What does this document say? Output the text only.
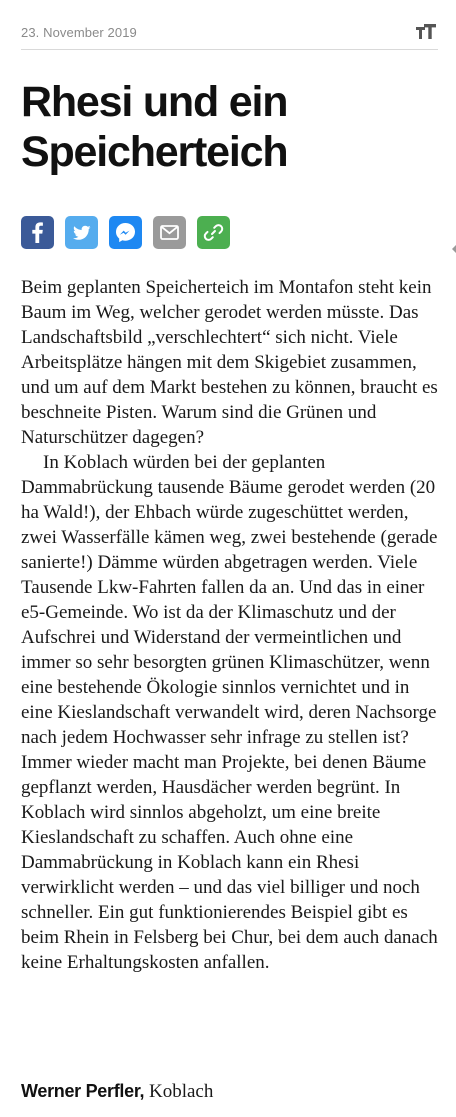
23. November 2019
Rhesi und ein Speicherteich

Beim geplanten Speicherteich im Montafon steht kein Baum im Weg, welcher gerodet werden müsste. Das Landschaftsbild „verschlechtert“ sich nicht. Viele Arbeitsplätze hängen mit dem Skigebiet zusammen, und um auf dem Markt bestehen zu können, braucht es beschneite Pisten. Warum sind die Grünen und Naturschützer dagegen?

In Koblach würden bei der geplanten Dammabrückung tausende Bäume gerodet werden (20 ha Wald!), der Ehbach würde zugeschüttet werden, zwei Wasserfälle kämen weg, zwei bestehende (gerade sanierte!) Dämme würden abgetragen werden. Viele Tausende Lkw-Fahrten fallen da an. Und das in einer e5-Gemeinde. Wo ist da der Klimaschutz und der Aufschrei und Widerstand der vermeintlichen und immer so sehr besorgten grünen Klimaschützer, wenn eine bestehende Ökologie sinnlos vernichtet und in eine Kieslandschaft verwandelt wird, deren Nachsorge nach jedem Hochwasser sehr infrage zu stellen ist? Immer wieder macht man Projekte, bei denen Bäume gepflanzt werden, Hausdächer werden begrünt. In Koblach wird sinnlos abgeholzt, um eine breite Kieslandschaft zu schaffen. Auch ohne eine Dammabrückung in Koblach kann ein Rhesi verwirklicht werden – und das viel billiger und noch schneller. Ein gut funktionierendes Beispiel gibt es beim Rhein in Felsberg bei Chur, bei dem auch danach keine Erhaltungskosten anfallen.

Werner Perfler, Koblach
